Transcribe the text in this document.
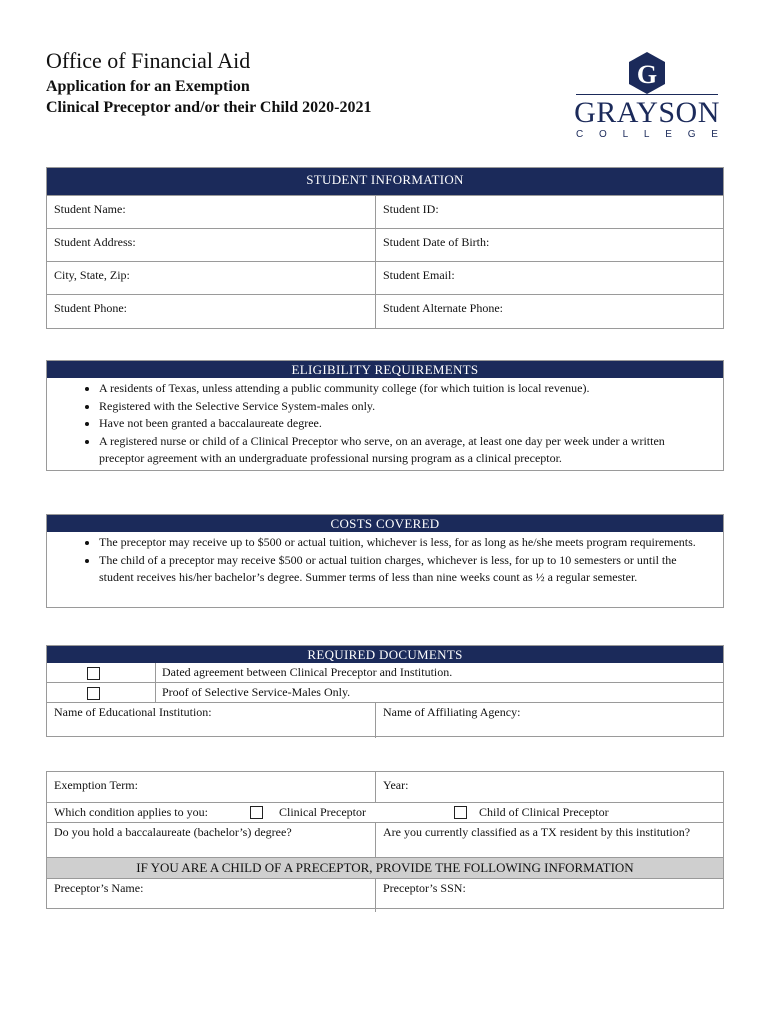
Office of Financial Aid
Application for an Exemption
Clinical Preceptor and/or their Child 2020-2021
G
GRAYSON
C O L L E G E
STUDENT INFORMATION
Student Name:	Student ID:
Student Address:	Student Date of Birth:
City, State, Zip:	Student Email:
Student Phone:	Student Alternate Phone:
ELIGIBILITY REQUIREMENTS
• A residents of Texas, unless attending a public community college (for which tuition is local revenue).
• Registered with the Selective Service System-males only.
• Have not been granted a baccalaureate degree.
• A registered nurse or child of a Clinical Preceptor who serve, on an average, at least one day per week under a written preceptor agreement with an undergraduate professional nursing program as a clinical preceptor.
COSTS COVERED
• The preceptor may receive up to $500 or actual tuition, whichever is less, for as long as he/she meets program requirements.
• The child of a preceptor may receive $500 or actual tuition charges, whichever is less, for up to 10 semesters or until the student receives his/her bachelor’s degree. Summer terms of less than nine weeks count as ½ a regular semester.
REQUIRED DOCUMENTS
Dated agreement between Clinical Preceptor and Institution.
Proof of Selective Service-Males Only.
Name of Educational Institution:	Name of Affiliating Agency:
Exemption Term:	Year:
Which condition applies to you:	Clinical Preceptor	Child of Clinical Preceptor
Do you hold a baccalaureate (bachelor’s) degree?	Are you currently classified as a TX resident by this institution?
IF YOU ARE A CHILD OF A PRECEPTOR, PROVIDE THE FOLLOWING INFORMATION
Preceptor’s Name:	Preceptor’s SSN:
